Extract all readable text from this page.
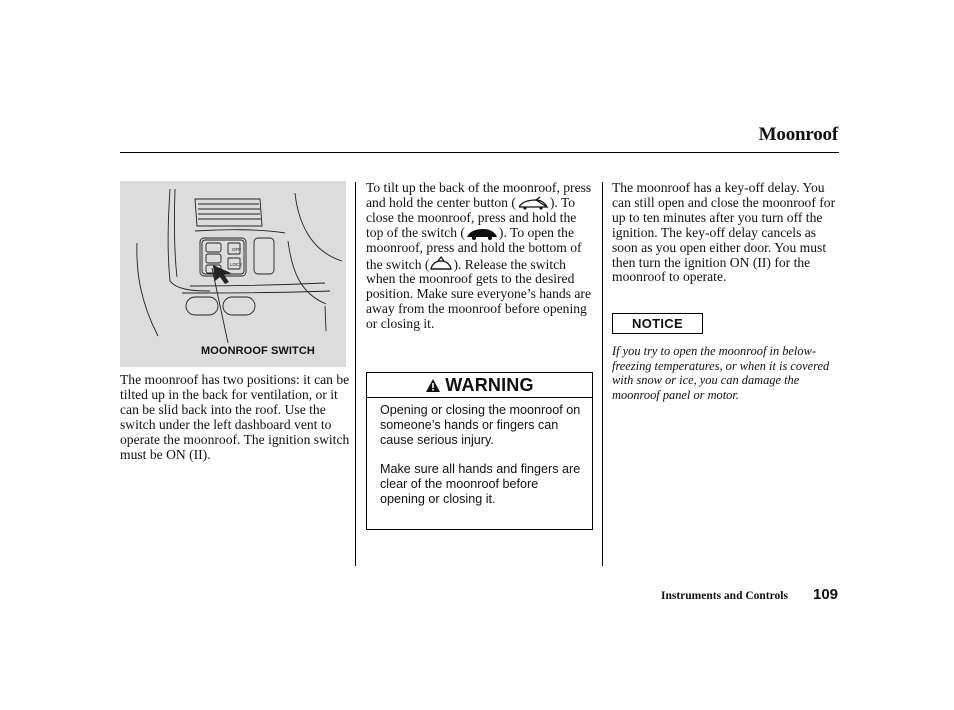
Moonroof
OFF
LOCK
MOONROOF SWITCH
The moonroof has two positions: it can be tilted up in the back for ventilation, or it can be slid back into the roof. Use the switch under the left dashboard vent to operate the moonroof. The ignition switch must be ON (II).
To tilt up the back of the moonroof, press and hold the center button (	). To close the moonroof, press and hold the top of the switch (	). To open the moonroof, press and hold the bottom of the switch ( ). Release the switch when the moonroof gets to the desired position. Make sure everyone’s hands are away from the moonroof before opening or closing it.
WARNING

Opening or closing the moonroof on someone’s hands or fingers can cause serious injury.

Make sure all hands and fingers are clear of the moonroof before opening or closing it.

The moonroof has a key-off delay. You can still open and close the moonroof for up to ten minutes after you turn off the ignition. The key-off delay cancels as soon as you open either door. You must then turn the ignition ON (II) for the moonroof to operate.
NOTICE
If you try to open the moonroof in below-freezing temperatures, or when it is covered with snow or ice, you can damage the moonroof panel or motor.
Instruments and Controls 109
